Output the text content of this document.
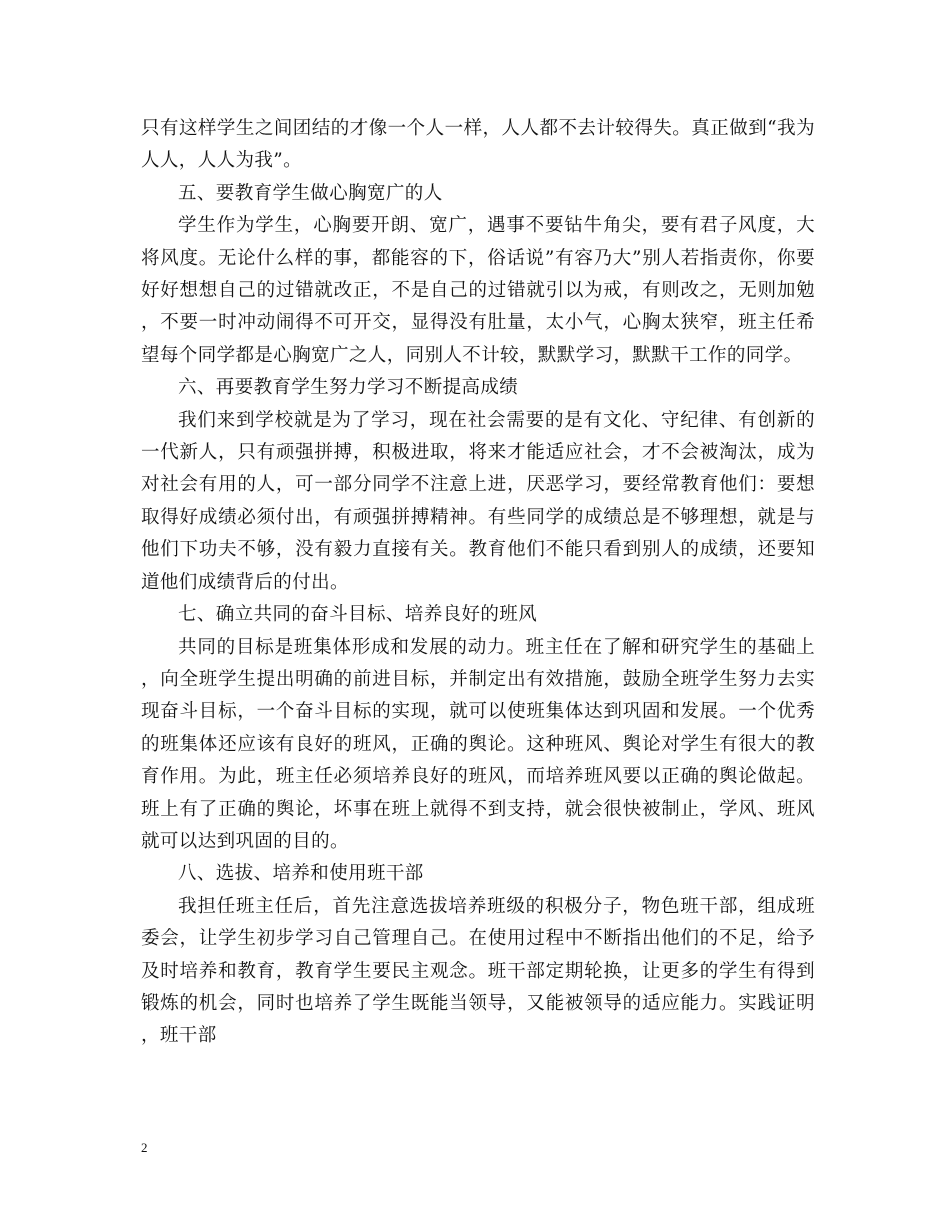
只有这样学生之间团结的才像一个人一样，人人都不去计较得失。真正做到“我为人人，人人为我”。

五、要教育学生做心胸宽广的人

学生作为学生，心胸要开朗、宽广，遇事不要钻牛角尖，要有君子风度，大将风度。无论什么样的事，都能容的下，俗话说”有容乃大”别人若指责你，你要好好想想自己的过错就改正，不是自己的过错就引以为戒，有则改之，无则加勉，不要一时冲动闹得不可开交，显得没有肚量，太小气，心胸太狭窄，班主任希望每个同学都是心胸宽广之人，同别人不计较，默默学习，默默干工作的同学。

六、再要教育学生努力学习不断提高成绩

我们来到学校就是为了学习，现在社会需要的是有文化、守纪律、有创新的一代新人，只有顽强拼搏，积极进取，将来才能适应社会，才不会被淘汰，成为对社会有用的人，可一部分同学不注意上进，厌恶学习，要经常教育他们：要想取得好成绩必须付出，有顽强拼搏精神。有些同学的成绩总是不够理想，就是与他们下功夫不够，没有毅力直接有关。教育他们不能只看到别人的成绩，还要知道他们成绩背后的付出。

七、确立共同的奋斗目标、培养良好的班风

共同的目标是班集体形成和发展的动力。班主任在了解和研究学生的基础上，向全班学生提出明确的前进目标，并制定出有效措施，鼓励全班学生努力去实现奋斗目标，一个奋斗目标的实现，就可以使班集体达到巩固和发展。一个优秀的班集体还应该有良好的班风，正确的舆论。这种班风、舆论对学生有很大的教育作用。为此，班主任必须培养良好的班风，而培养班风要以正确的舆论做起。班上有了正确的舆论，坏事在班上就得不到支持，就会很快被制止，学风、班风就可以达到巩固的目的。

八、选拔、培养和使用班干部

我担任班主任后，首先注意选拔培养班级的积极分子，物色班干部，组成班委会，让学生初步学习自己管理自己。在使用过程中不断指出他们的不足，给予及时培养和教育，教育学生要民主观念。班干部定期轮换，让更多的学生有得到锻炼的机会，同时也培养了学生既能当领导，又能被领导的适应能力。实践证明，班干部

2
